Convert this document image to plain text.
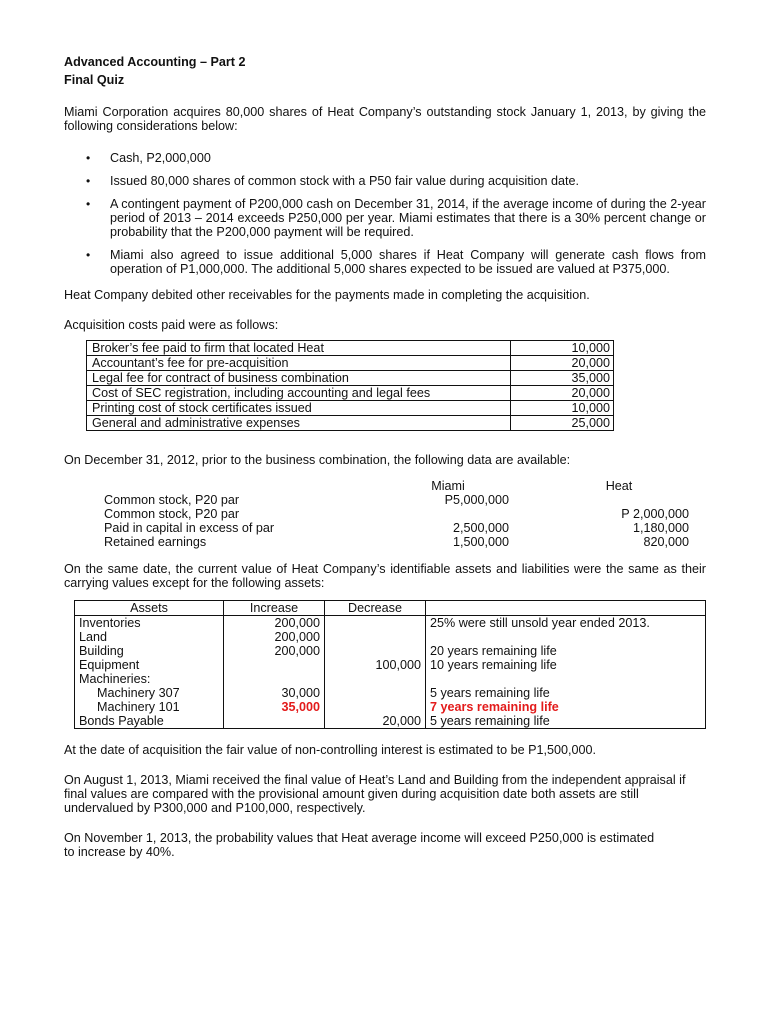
Advanced Accounting – Part 2
Final Quiz

Miami Corporation acquires 80,000 shares of Heat Company’s outstanding stock January 1, 2013, by giving the following considerations below:

• Cash, P2,000,000
• Issued 80,000 shares of common stock with a P50 fair value during acquisition date.
• A contingent payment of P200,000 cash on December 31, 2014, if the average income of during the 2-year period of 2013 – 2014 exceeds P250,000 per year. Miami estimates that there is a 30% percent change or probability that the P200,000 payment will be required.
• Miami also agreed to issue additional 5,000 shares if Heat Company will generate cash flows from operation of P1,000,000. The additional 5,000 shares expected to be issued are valued at P375,000.

Heat Company debited other receivables for the payments made in completing the acquisition.

Acquisition costs paid were as follows:

Broker’s fee paid to firm that located Heat	10,000
Accountant’s fee for pre-acquisition	20,000
Legal fee for contract of business combination	35,000
Cost of SEC registration, including accounting and legal fees	20,000
Printing cost of stock certificates issued	10,000
General and administrative expenses	25,000

On December 31, 2012, prior to the business combination, the following data are available:

	Miami	Heat
Common stock, P20 par	P5,000,000	
Common stock, P20 par		P 2,000,000
Paid in capital in excess of par	2,500,000	1,180,000
Retained earnings	1,500,000	820,000

On the same date, the current value of Heat Company’s identifiable assets and liabilities were the same as their carrying values except for the following assets:

Assets	Increase	Decrease	
Inventories	200,000		25% were still unsold year ended 2013.
Land	200,000		
Building	200,000		20 years remaining life
Equipment		100,000	10 years remaining life
Machineries:			
Machinery 307	30,000		5 years remaining life
Machinery 101	35,000		7 years remaining life
Bonds Payable		20,000	5 years remaining life

At the date of acquisition the fair value of non-controlling interest is estimated to be P1,500,000.

On August 1, 2013, Miami received the final value of Heat’s Land and Building from the independent appraisal if final values are compared with the provisional amount given during acquisition date both assets are still undervalued by P300,000 and P100,000, respectively.

On November 1, 2013, the probability values that Heat average income will exceed P250,000 is estimated to increase by 40%.
